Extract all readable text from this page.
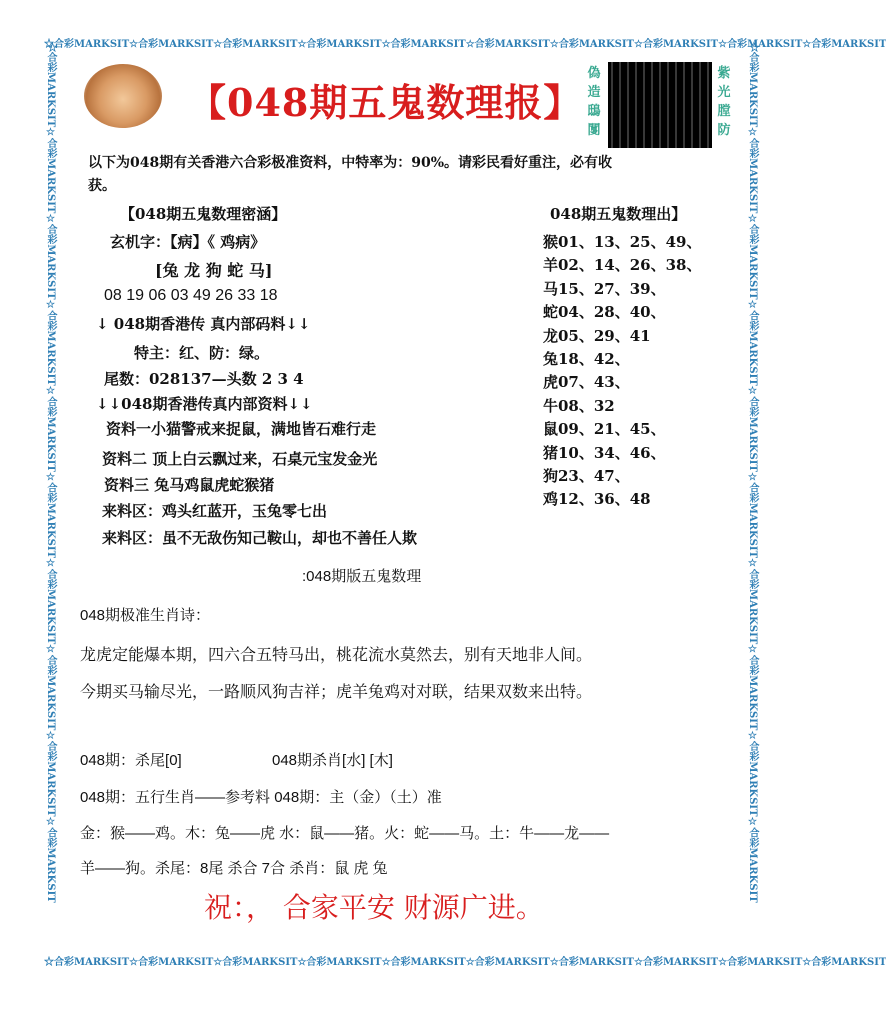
☆合彩MARKSIT☆合彩MARKSIT☆合彩MARKSIT☆合彩MARKSIT☆合彩MARKSIT☆合彩MARKSIT☆合彩MARKSIT☆合彩MARKSIT☆合彩MARKSIT☆合彩MARKSIT
☆合彩MARKSIT☆合彩MARKSIT☆合彩MARKSIT☆合彩MARKSIT☆合彩MARKSIT☆合彩MARKSIT☆合彩MARKSIT☆合彩MARKSIT☆合彩MARKSIT☆合彩MARKSIT
☆合彩MARKSIT☆合彩MARKSIT☆合彩MARKSIT☆合彩MARKSIT☆合彩MARKSIT☆合彩MARKSIT☆合彩MARKSIT☆合彩MARKSIT☆合彩MARKSIT☆合彩MARKSIT	☆合彩MARKSIT☆合彩MARKSIT☆合彩MARKSIT☆合彩MARKSIT☆合彩MARKSIT☆合彩MARKSIT☆合彩MARKSIT☆合彩MARKSIT☆合彩MARKSIT☆合彩MARKSIT
【048期五鬼数理报】
偽
造
鴟
闅
紫
光
膛
防
以下为048期有关香港六合彩极准资料，中特率为：90%。请彩民看好重注，必有收
获。
【048期五鬼数理密涵】
玄机字：【病】《 鸡病》
[兔 龙 狗 蛇 马]
08 19 06 03 49 26 33 18
↓ 048期香港传 真内部码料↓↓
特主：红、防：绿。
尾数：028137—头数 2 3 4
↓↓048期香港传真内部资料↓↓
资料一小猫警戒来捉鼠，满地皆石难行走
资料二 顶上白云飘过来，石桌元宝发金光
资料三 兔马鸡鼠虎蛇猴猪
来料区：鸡头红蓝开，玉兔零七出
来料区：虽不无敌伤知己鞍山，却也不善任人欺
048期五鬼数理出】
猴01、13、25、49、
羊02、14、26、38、
马15、27、39、
蛇04、28、40、
龙05、29、41
兔18、42、
虎07、43、
牛08、32
鼠09、21、45、
猪10、34、46、
狗23、47、
鸡12、36、48
:048期版五鬼数理
048期极准生肖诗：
龙虎定能爆本期，四六合五特马出，桃花流水莫然去，别有天地非人间。
今期买马输尽光，一路顺风狗吉祥；虎羊兔鸡对对联，结果双数来出特。
048期：杀尾[0]	048期杀肖[水] [木]
048期：五行生肖——参考料 048期：主（金）（土）准
金：猴——鸡。木：兔——虎 水：鼠——猪。火：蛇——马。土：牛——龙——
羊——狗。杀尾：8尾 杀合 7合 杀肖：鼠 虎 兔
祝：， 合家平安 财源广进。
